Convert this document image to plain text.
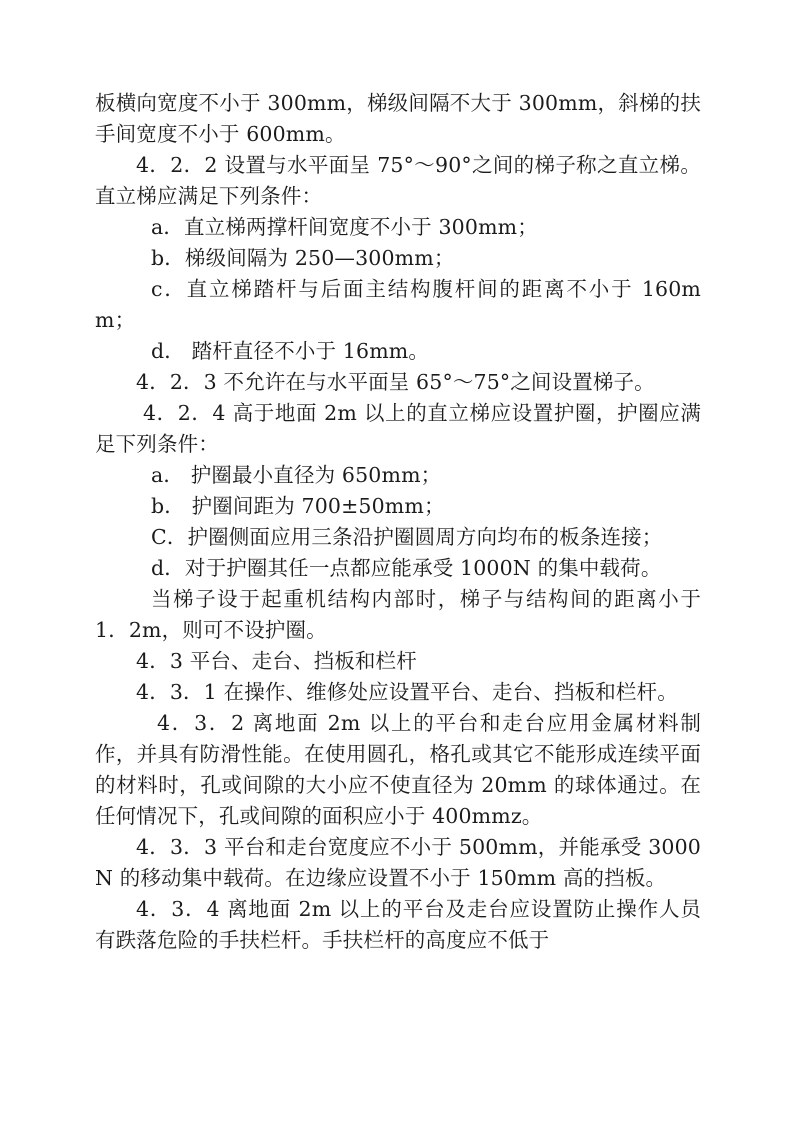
板横向宽度不小于 300mm，梯级间隔不大于 300mm，斜梯的扶手间宽度不小于 600mm。

4．2．2 设置与水平面呈 75°～90°之间的梯子称之直立梯。直立梯应满足下列条件：

a．直立梯两撑杆间宽度不小于 300mm；

b．梯级间隔为 250—300mm；

c．直立梯踏杆与后面主结构腹杆间的距离不小于 160mm；

d． 踏杆直径不小于 16mm。

4．2．3 不允许在与水平面呈 65°～75°之间设置梯子。

4．2．4 高于地面 2m 以上的直立梯应设置护圈，护圈应满足下列条件：

a． 护圈最小直径为 650mm；

b． 护圈间距为 700±50mm；

C．护圈侧面应用三条沿护圈圆周方向均布的板条连接；

d．对于护圈其任一点都应能承受 1000N 的集中载荷。

当梯子设于起重机结构内部时，梯子与结构间的距离小于 1．2m，则可不设护圈。

4．3 平台、走台、挡板和栏杆

4．3．1 在操作、维修处应设置平台、走台、挡板和栏杆。

4．3．2 离地面 2m 以上的平台和走台应用金属材料制作，并具有防滑性能。在使用圆孔，格孔或其它不能形成连续平面的材料时，孔或间隙的大小应不使直径为 20mm 的球体通过。在任何情况下，孔或间隙的面积应小于 400mmz。

4．3．3 平台和走台宽度应不小于 500mm，并能承受 3000N 的移动集中载荷。在边缘应设置不小于 150mm 高的挡板。

4．3．4 离地面 2m 以上的平台及走台应设置防止操作人员有跌落危险的手扶栏杆。手扶栏杆的高度应不低于
